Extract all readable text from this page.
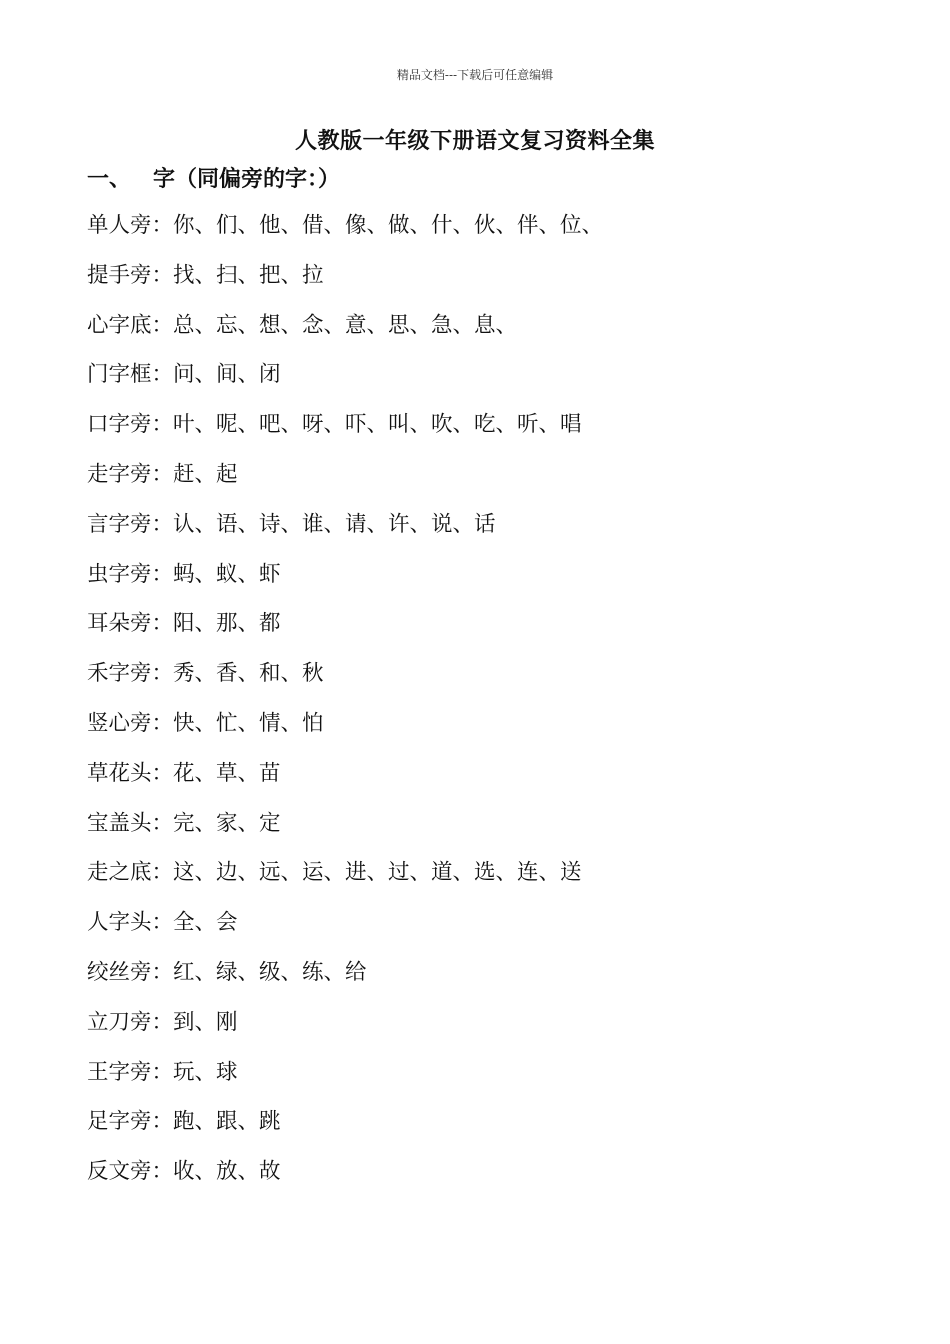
精品文档---下载后可任意编辑
人教版一年级下册语文复习资料全集
一、 字（同偏旁的字：）
单人旁：你、们、他、借、像、做、什、伙、伴、位、
提手旁：找、扫、把、拉
心字底：总、忘、想、念、意、思、急、息、
门字框：问、间、闭
口字旁：叶、呢、吧、呀、吓、叫、吹、吃、听、唱
走字旁：赶、起
言字旁：认、语、诗、谁、请、许、说、话
虫字旁：蚂、蚁、虾
耳朵旁：阳、那、都
禾字旁：秀、香、和、秋
竖心旁：快、忙、情、怕
草花头：花、草、苗
宝盖头：完、家、定
走之底：这、边、远、运、进、过、道、选、连、送
人字头：全、会
绞丝旁：红、绿、级、练、给
立刀旁：到、刚
王字旁：玩、球
足字旁：跑、跟、跳
反文旁：收、放、故
